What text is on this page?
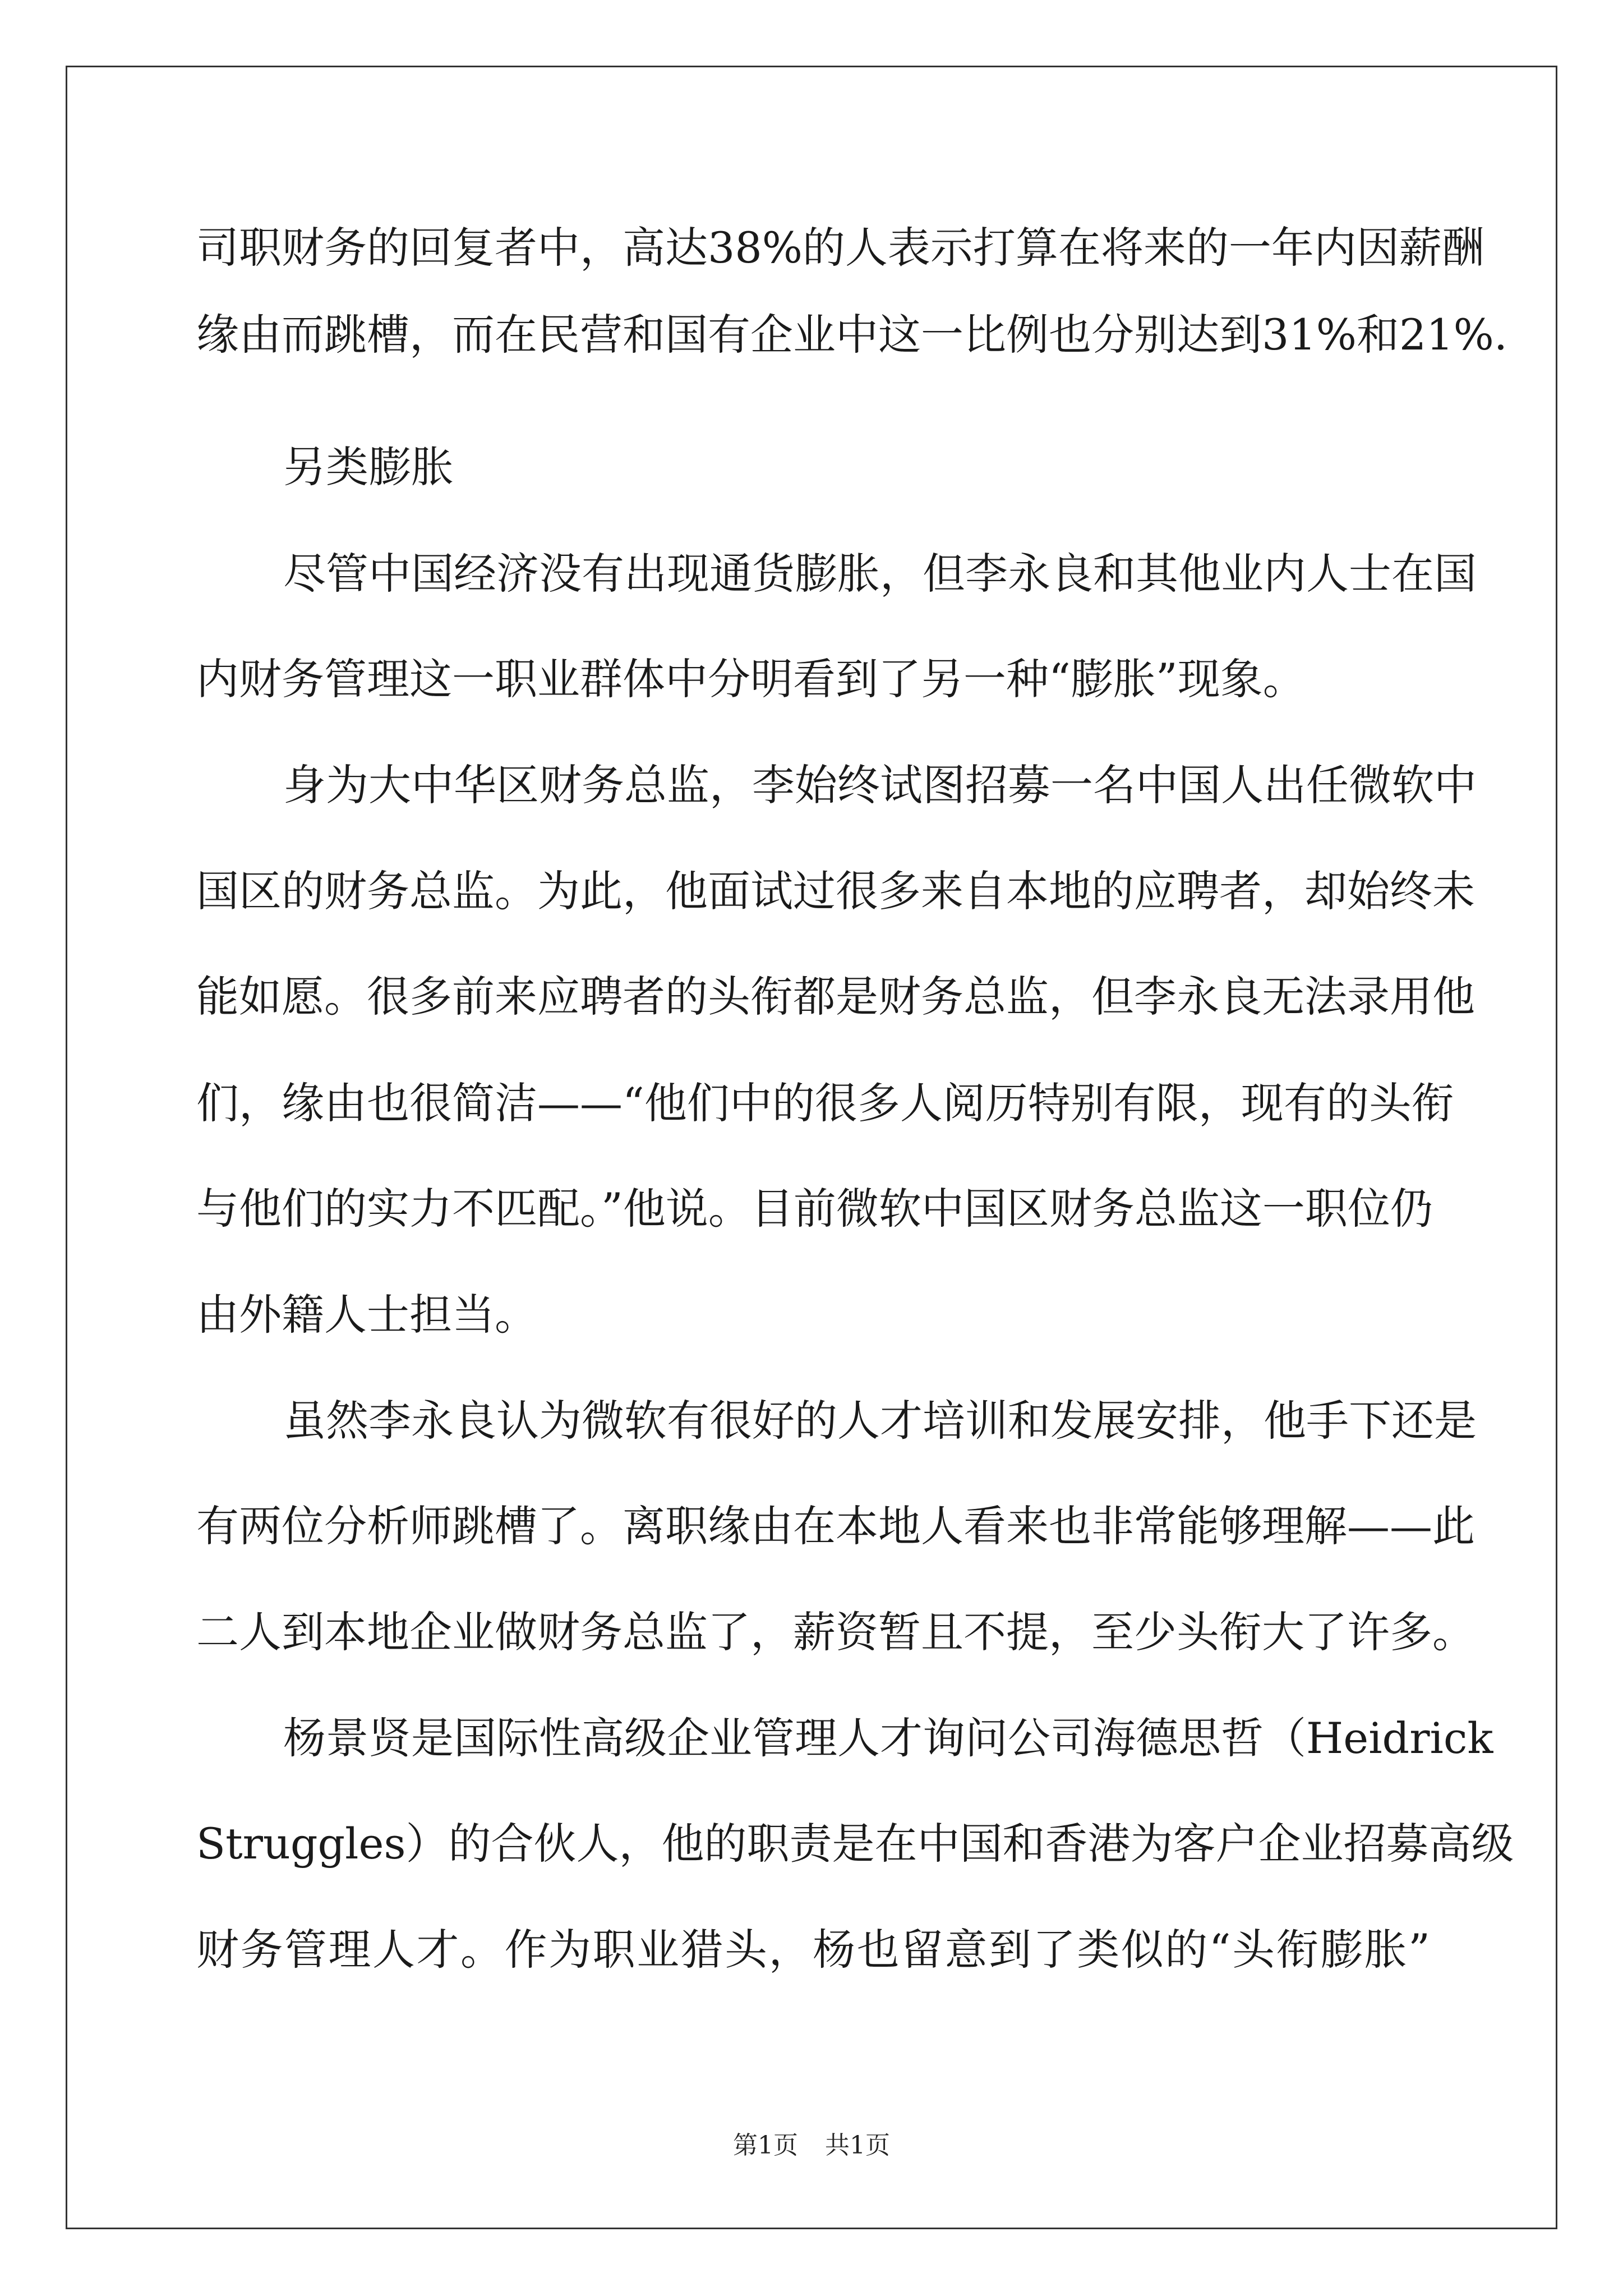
司职财务的回复者中，高达38%的人表示打算在将来的一年内因薪酬
缘由而跳槽，而在民营和国有企业中这一比例也分别达到31%和21%.
另类膨胀
尽管中国经济没有出现通货膨胀，但李永良和其他业内人士在国
内财务管理这一职业群体中分明看到了另一种“膨胀”现象。
身为大中华区财务总监，李始终试图招募一名中国人出任微软中
国区的财务总监。为此，他面试过很多来自本地的应聘者，却始终未
能如愿。很多前来应聘者的头衔都是财务总监，但李永良无法录用他
们，缘由也很简洁——“他们中的很多人阅历特别有限，现有的头衔
与他们的实力不匹配。”他说。目前微软中国区财务总监这一职位仍
由外籍人士担当。
虽然李永良认为微软有很好的人才培训和发展安排，他手下还是
有两位分析师跳槽了。离职缘由在本地人看来也非常能够理解——此
二人到本地企业做财务总监了，薪资暂且不提，至少头衔大了许多。
杨景贤是国际性高级企业管理人才询问公司海德思哲（Heidrick
Struggles）的合伙人，他的职责是在中国和香港为客户企业招募高级
财务管理人才。作为职业猎头，杨也留意到了类似的“头衔膨胀”
第1页 共1页
